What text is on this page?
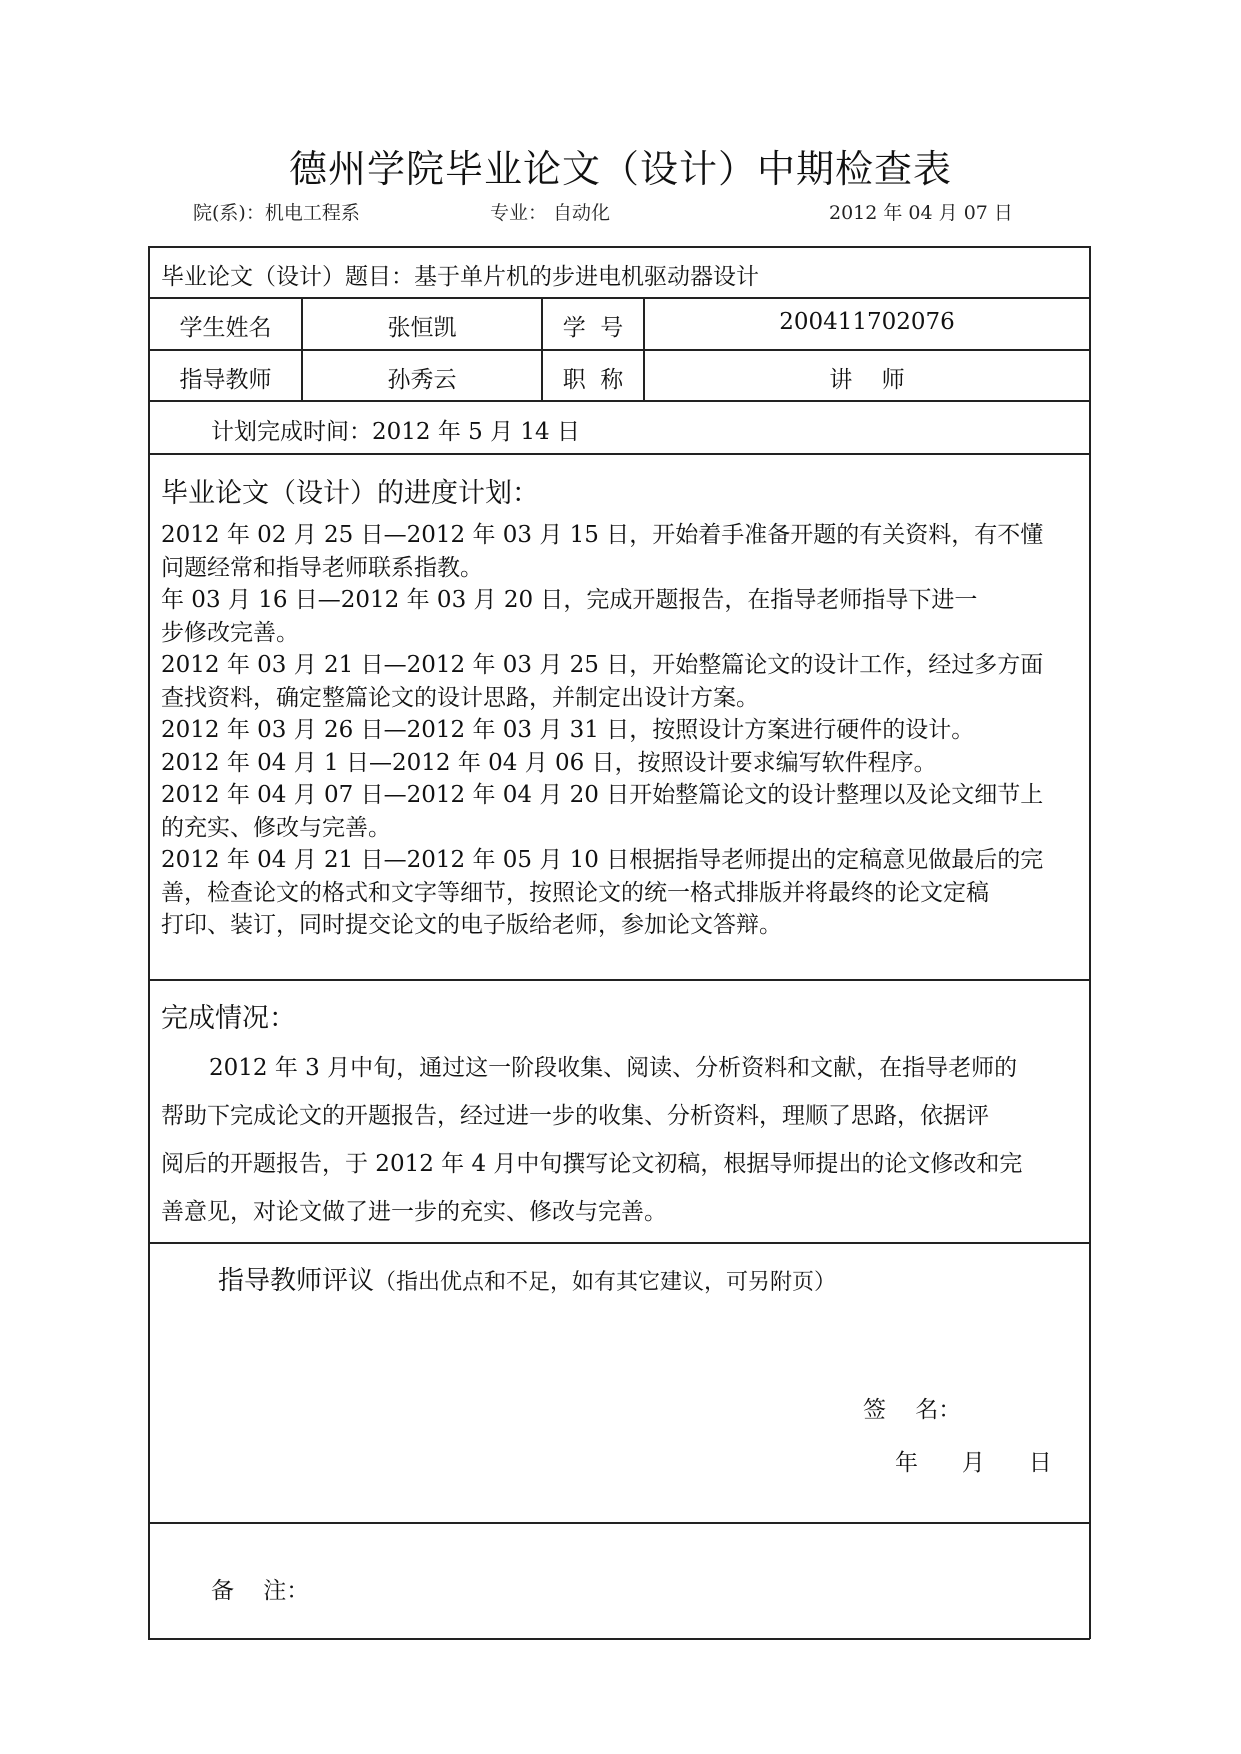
德州学院毕业论文（设计）中期检查表
院(系)：机电工程系	专业： 自动化	2012 年 04 月 07 日
毕业论文（设计）题目：基于单片机的步进电机驱动器设计
学生姓名	张恒凯	学  号	200411702076
指导教师	孙秀云	职  称	讲    师
计划完成时间：2012 年 5 月 14 日
毕业论文（设计）的进度计划：
2012 年 02 月 25 日—2012 年 03 月 15 日，开始着手准备开题的有关资料，有不懂
问题经常和指导老师联系指教。
年 03 月 16 日—2012 年 03 月 20 日，完成开题报告，在指导老师指导下进一
步修改完善。
2012 年 03 月 21 日—2012 年 03 月 25 日，开始整篇论文的设计工作，经过多方面
查找资料，确定整篇论文的设计思路，并制定出设计方案。
2012 年 03 月 26 日—2012 年 03 月 31 日，按照设计方案进行硬件的设计。
2012 年 04 月 1 日—2012 年 04 月 06 日，按照设计要求编写软件程序。
2012 年 04 月 07 日—2012 年 04 月 20 日开始整篇论文的设计整理以及论文细节上
的充实、修改与完善。
2012 年 04 月 21 日—2012 年 05 月 10 日根据指导老师提出的定稿意见做最后的完
善，检查论文的格式和文字等细节，按照论文的统一格式排版并将最终的论文定稿
打印、装订，同时提交论文的电子版给老师，参加论文答辩。
完成情况：
2012 年 3 月中旬，通过这一阶段收集、阅读、分析资料和文献，在指导老师的
帮助下完成论文的开题报告，经过进一步的收集、分析资料，理顺了思路，依据评
阅后的开题报告，于 2012 年 4 月中旬撰写论文初稿，根据导师提出的论文修改和完
善意见，对论文做了进一步的充实、修改与完善。
指导教师评议（指出优点和不足，如有其它建议，可另附页）
签    名：
年      月      日
备    注：
